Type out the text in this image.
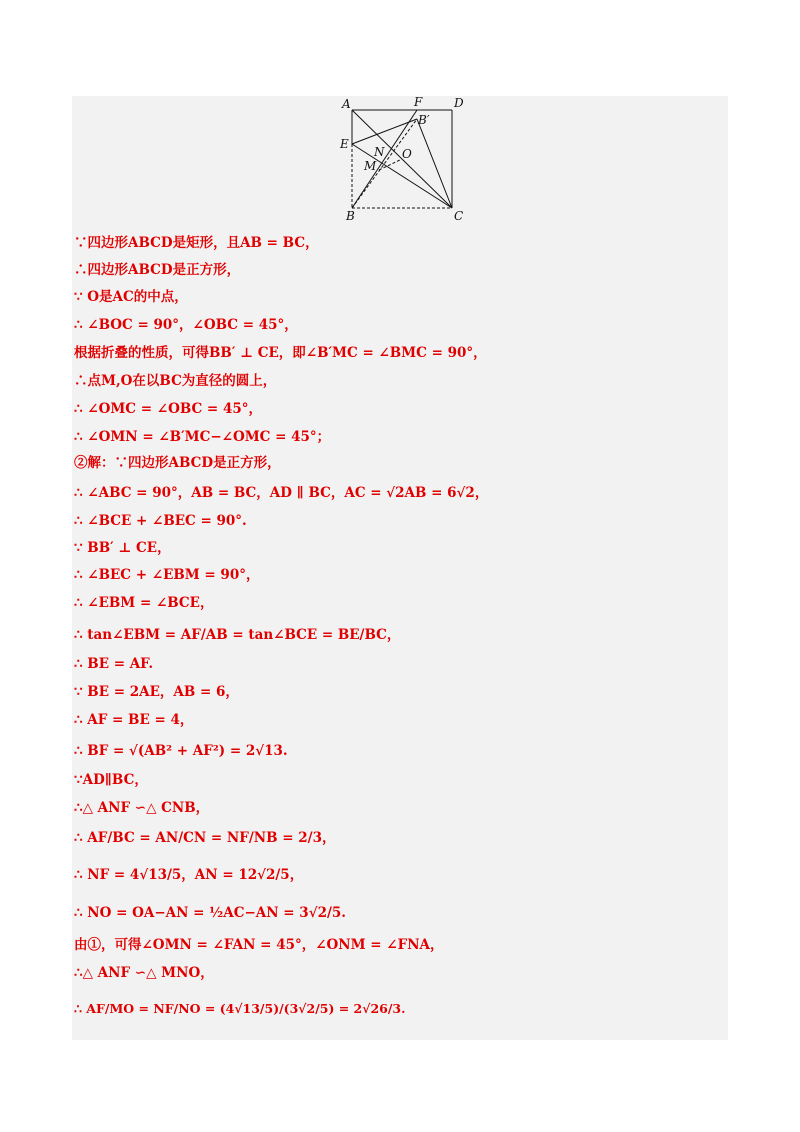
A	F	D
B′
E
N O
M
B	C
∵四边形ABCD是矩形，且AB = BC，
∴四边形ABCD是正方形，
∵ O是AC的中点，
∴ ∠BOC = 90°，∠OBC = 45°，
根据折叠的性质，可得BB′ ⊥ CE，即∠B′MC = ∠BMC = 90°，
∴点M,O在以BC为直径的圆上，
∴ ∠OMC = ∠OBC = 45°，
∴ ∠OMN = ∠B′MC−∠OMC = 45°；
②解：∵四边形ABCD是正方形，
∴ ∠ABC = 90°，AB = BC，AD ∥ BC，AC = √2AB = 6√2，
∴ ∠BCE + ∠BEC = 90°.
∵ BB′ ⊥ CE，
∴ ∠BEC + ∠EBM = 90°，
∴ ∠EBM = ∠BCE，
∴ tan∠EBM = AF/AB = tan∠BCE = BE/BC，
∴ BE = AF.
∵ BE = 2AE，AB = 6，
∴ AF = BE = 4，
∴ BF = √(AB² + AF²) = 2√13.
∵AD∥BC，
∴△ ANF ∽△ CNB，
∴ AF/BC = AN/CN = NF/NB = 2/3，
∴ NF = 4√13/5，AN = 12√2/5，
∴ NO = OA−AN = ½AC−AN = 3√2/5.
由①，可得∠OMN = ∠FAN = 45°，∠ONM = ∠FNA，
∴△ ANF ∽△ MNO，
∴ AF/MO = NF/NO = (4√13/5)/(3√2/5) = 2√26/3.
